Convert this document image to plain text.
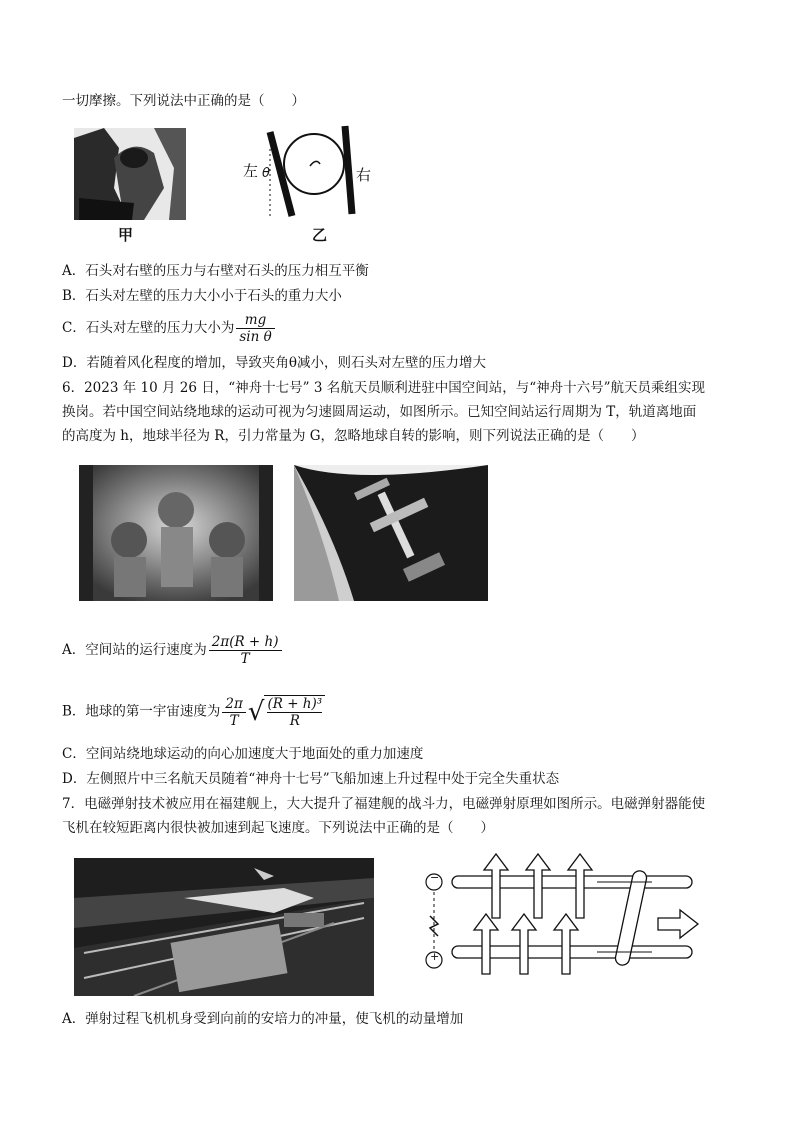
一切摩擦。下列说法中正确的是（　　）
甲
左	右
θ
乙
A．石头对右壁的压力与右壁对石头的压力相互平衡
B．石头对左壁的压力大小小于石头的重力大小
C．石头对左壁的压力大小为 $\frac{mg}{\text{sin θ}}$
D．若随着风化程度的增加，导致夹角θ减小，则石头对左壁的压力增大
6．2023 年 10 月 26 日，“神舟十七号” 3 名航天员顺利进驻中国空间站，与“神舟十六号”航天员乘组实现
换岗。若中国空间站绕地球的运动可视为匀速圆周运动，如图所示。已知空间站运行周期为 T，轨道离地面
的高度为 h，地球半径为 R，引力常量为 G，忽略地球自转的影响，则下列说法正确的是（　　）
A．空间站的运行速度为 $\frac{2\pi(R + h)}{T}$
B．地球的第一宇宙速度为 $\frac{2\pi}{T}$ √ $\frac{\text{(R + h)³}}{R}$
C．空间站绕地球运动的向心加速度大于地面处的重力加速度
D．左侧照片中三名航天员随着“神舟十七号”飞船加速上升过程中处于完全失重状态
7．电磁弹射技术被应用在福建舰上，大大提升了福建舰的战斗力，电磁弹射原理如图所示。电磁弹射器能使
飞机在较短距离内很快被加速到起飞速度。下列说法中正确的是（　　）
−
+
A．弹射过程飞机机身受到向前的安培力的冲量，使飞机的动量增加
